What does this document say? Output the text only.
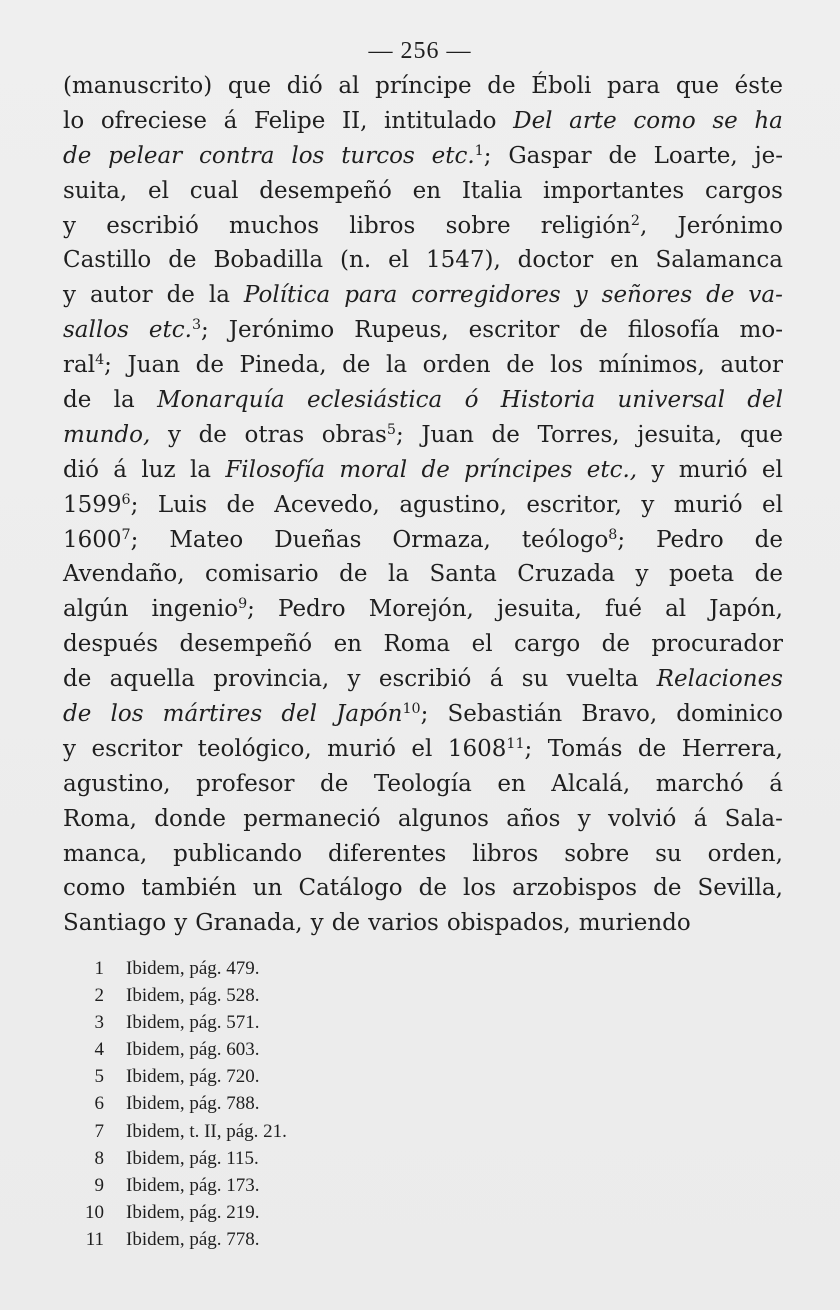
— 256 —
(manuscrito) que dió al príncipe de Éboli para que éste
lo ofreciese á Felipe II, intitulado Del arte como se ha
de pelear contra los turcos etc.$^1$; Gaspar de Loarte, je-
suita, el cual desempeñó en Italia importantes cargos
y escribió muchos libros sobre religión$^2$, Jerónimo
Castillo de Bobadilla (n. el 1547), doctor en Salamanca
y autor de la Política para corregidores y señores de va-
sallos etc.$^3$; Jerónimo Rupeus, escritor de filosofía mo-
ral$^4$; Juan de Pineda, de la orden de los mínimos, autor
de la Monarquía eclesiástica ó Historia universal del
mundo, y de otras obras$^5$; Juan de Torres, jesuita, que
dió á luz la Filosofía moral de príncipes etc., y murió el
1599$^6$; Luis de Acevedo, agustino, escritor, y murió el
1600$^7$; Mateo Dueñas Ormaza, teólogo$^8$; Pedro de
Avendaño, comisario de la Santa Cruzada y poeta de
algún ingenio$^9$; Pedro Morejón, jesuita, fué al Japón,
después desempeñó en Roma el cargo de procurador
de aquella provincia, y escribió á su vuelta Relaciones
de los mártires del Japón$^{10}$; Sebastián Bravo, dominico
y escritor teológico, murió el 1608$^{11}$; Tomás de Herrera,
agustino, profesor de Teología en Alcalá, marchó á
Roma, donde permaneció algunos años y volvió á Sala-
manca, publicando diferentes libros sobre su orden,
como también un Catálogo de los arzobispos de Sevilla,
Santiago y Granada, y de varios obispados, muriendo
1 Ibidem, pág. 479.
2 Ibidem, pág. 528.
3 Ibidem, pág. 571.
4 Ibidem, pág. 603.
5 Ibidem, pág. 720.
6 Ibidem, pág. 788.
7 Ibidem, t. II, pág. 21.
8 Ibidem, pág. 115.
9 Ibidem, pág. 173.
10 Ibidem, pág. 219.
11 Ibidem, pág. 778.
